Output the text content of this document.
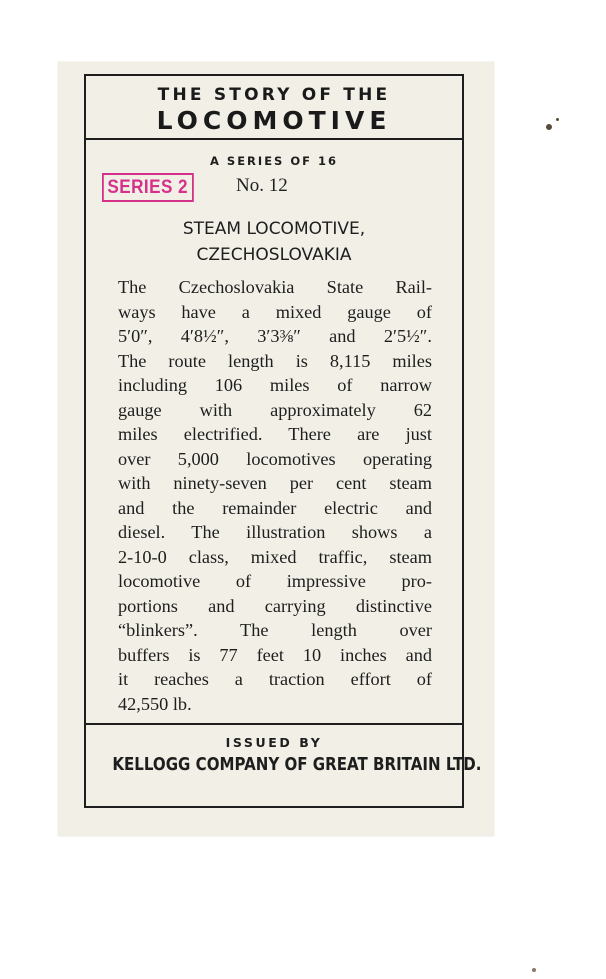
THE STORY OF THE
LOCOMOTIVE
A SERIES OF 16
SERIES 2	No. 12
STEAM LOCOMOTIVE,
CZECHOSLOVAKIA
The Czechoslovakia State Rail-
ways have a mixed gauge of
5′0″, 4′8½″, 3′3⅜″ and 2′5½″.
The route length is 8,115 miles
including 106 miles of narrow
gauge with approximately 62
miles electrified. There are just
over 5,000 locomotives operating
with ninety-seven per cent steam
and the remainder electric and
diesel. The illustration shows a
2-10-0 class, mixed traffic, steam
locomotive of impressive pro-
portions and carrying distinctive
“blinkers”. The length over
buffers is 77 feet 10 inches and
it reaches a traction effort of
42,550 lb.
ISSUED BY
KELLOGG COMPANY OF GREAT BRITAIN LTD.
